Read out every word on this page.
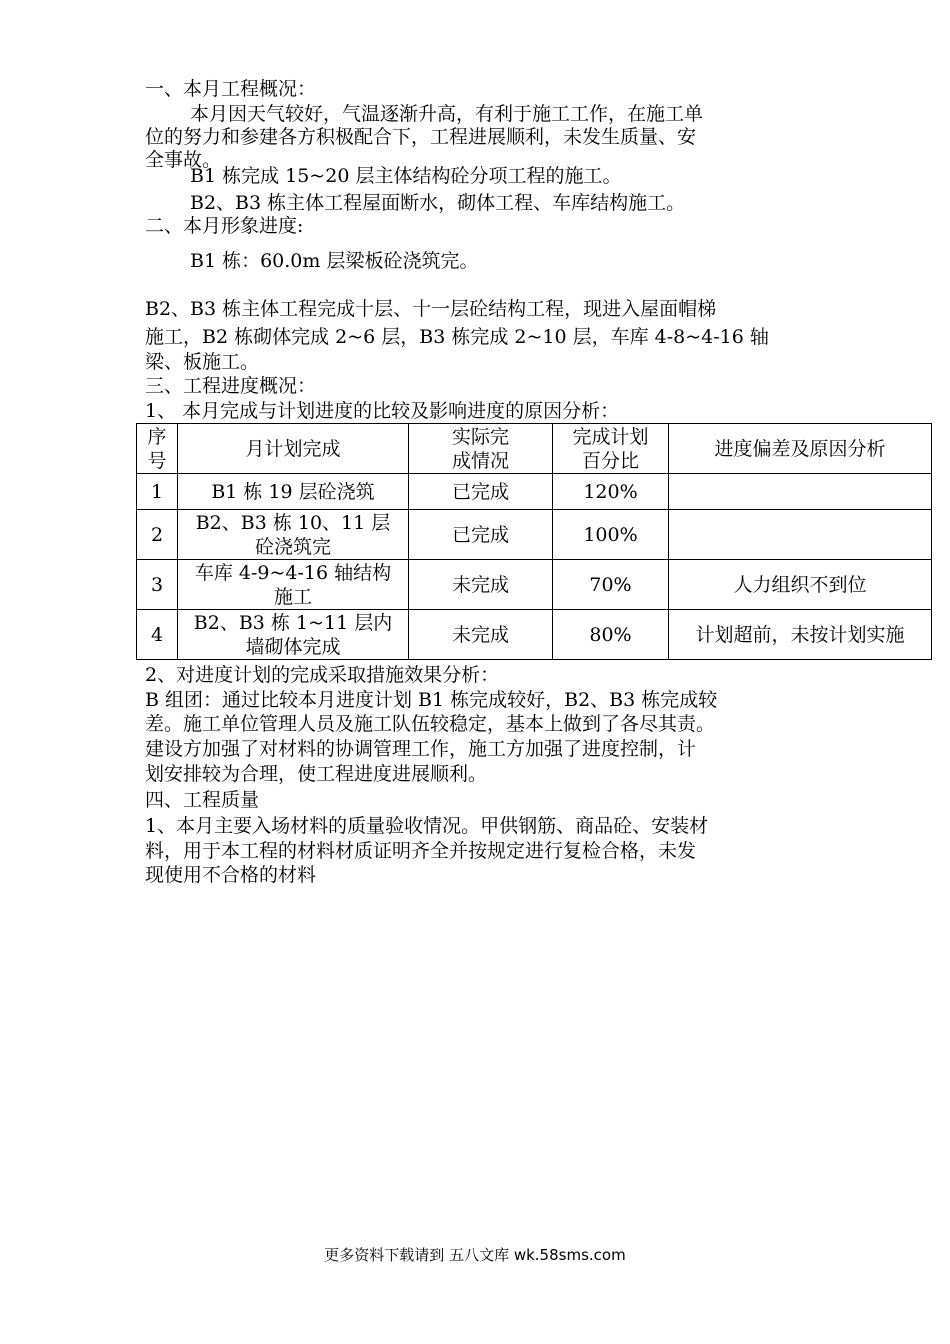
一、本月工程概况：
本月因天气较好，气温逐渐升高，有利于施工工作，在施工单
位的努力和参建各方积极配合下，工程进展顺利，未发生质量、安
全事故。
B1 栋完成 15~20 层主体结构砼分项工程的施工。
B2、B3 栋主体工程屋面断水，砌体工程、车库结构施工。
二、本月形象进度:
B1 栋：60.0m 层梁板砼浇筑完。
B2、B3 栋主体工程完成十层、十一层砼结构工程，现进入屋面帽梯
施工，B2 栋砌体完成 2~6 层，B3 栋完成 2~10 层，车库 4-8~4-16 轴
梁、板施工。
三、工程进度概况：
1、 本月完成与计划进度的比较及影响进度的原因分析：
序
号	月计划完成	实际完
成情况	完成计划
百分比	进度偏差及原因分析
1	B1 栋 19 层砼浇筑	已完成	120%	
2	B2、B3 栋 10、11 层
砼浇筑完	已完成	100%	
3	车库 4-9~4-16 轴结构
施工	未完成	70%	人力组织不到位
4	B2、B3 栋 1~11 层内
墙砌体完成	未完成	80%	计划超前，未按计划实施
2、对进度计划的完成采取措施效果分析：
B 组团：通过比较本月进度计划 B1 栋完成较好，B2、B3 栋完成较
差。施工单位管理人员及施工队伍较稳定，基本上做到了各尽其责。
建设方加强了对材料的协调管理工作，施工方加强了进度控制，计
划安排较为合理，使工程进度进展顺利。
四、工程质量
1、本月主要入场材料的质量验收情况。甲供钢筋、商品砼、安装材
料，用于本工程的材料材质证明齐全并按规定进行复检合格，未发
现使用不合格的材料
更多资料下载请到 五八文库 wk.58sms.com
